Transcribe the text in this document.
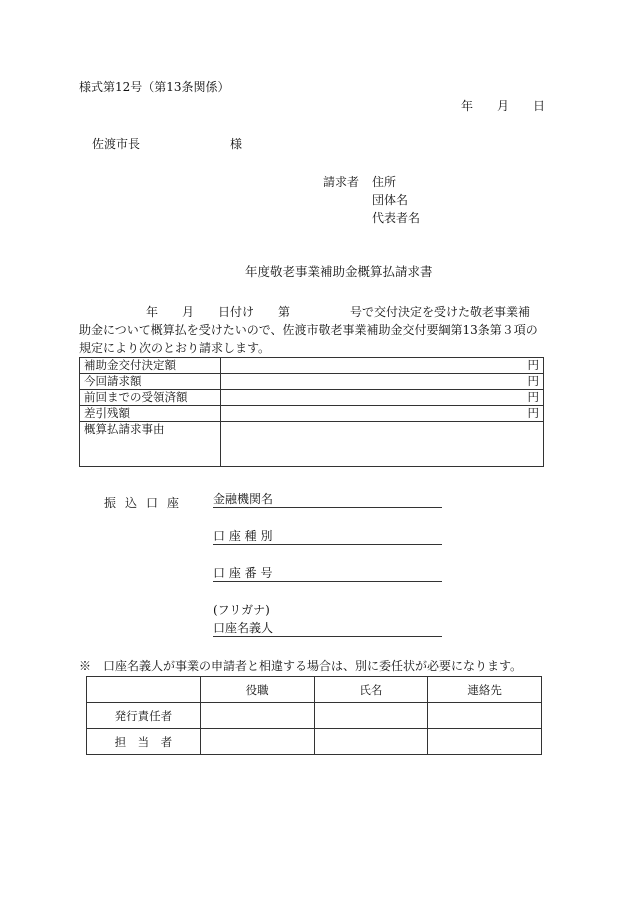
様式第12号（第13条関係）
年　　月　　日
佐渡市長	様
請求者 住所
団体名
代表者名
年度敬老事業補助金概算払請求書
年　　月　　日付け　　第　　　　　号で交付決定を受けた敬老事業補
助金について概算払を受けたいので、佐渡市敬老事業補助金交付要綱第13条第３項の
規定により次のとおり請求します。
補助金交付決定額	円
今回請求額	円
前回までの受領済額	円
差引残額	円
概算払請求事由	
振込口座 金融機関名
口 座 種 別
口 座 番 号
(フリガナ)
口座名義人
※　口座名義人が事業の申請者と相違する場合は、別に委任状が必要になります。
	役職	氏名	連絡先
発行責任者			
担　当　者			
